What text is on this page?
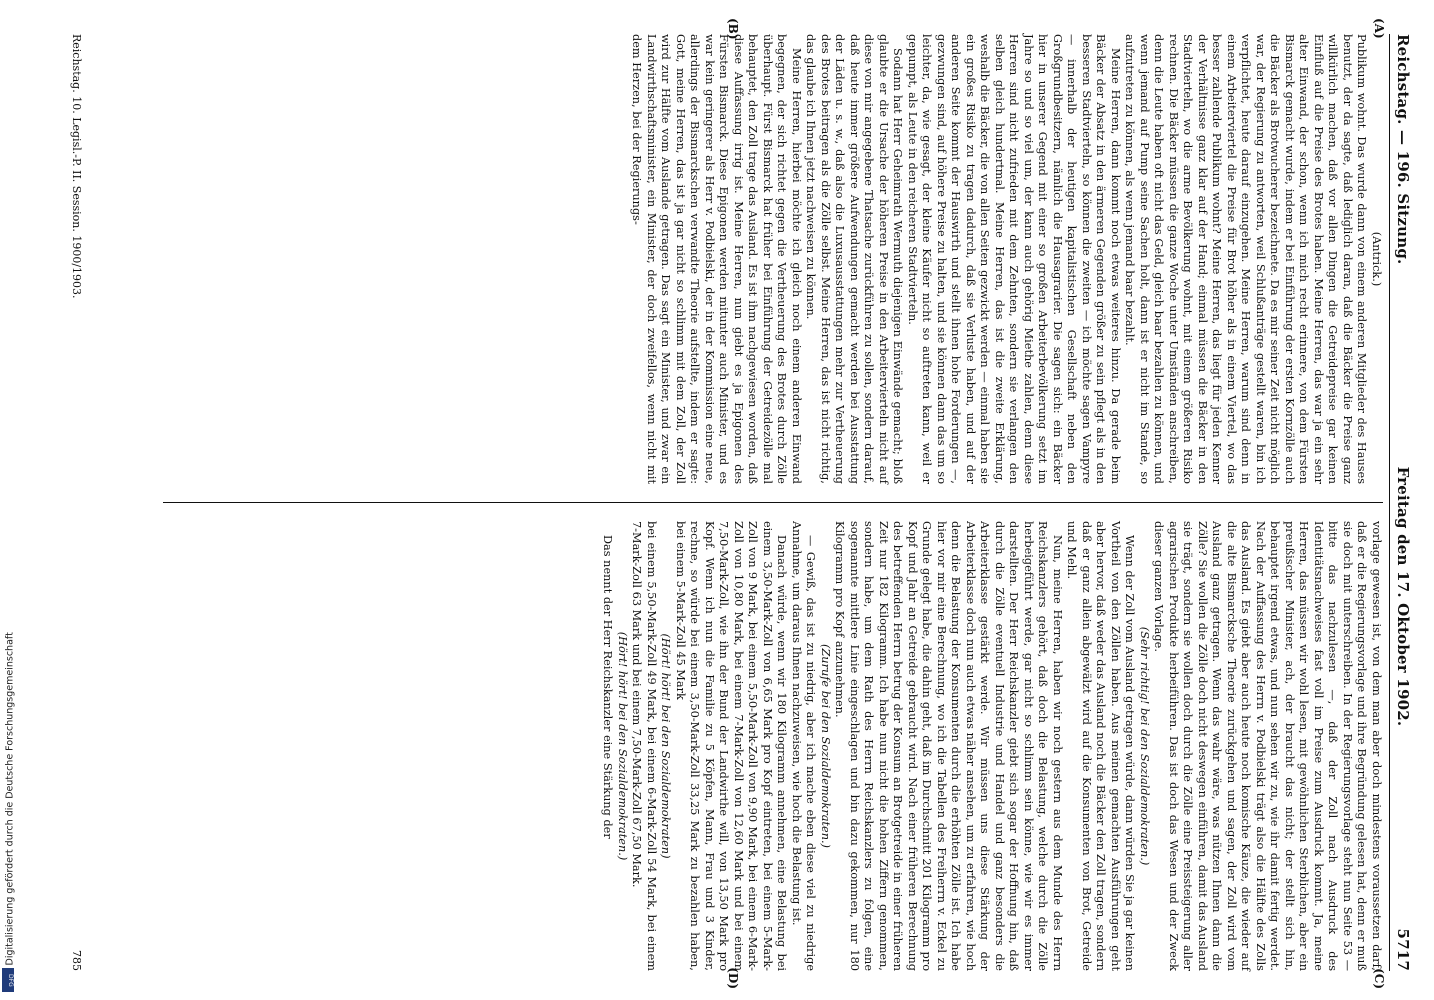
Reichstag. — 196. Sitzung.
Freitag den 17. Oktober 1902.
5717

(Antrick.)

Publikum wohnt. Das wurde dann von einem anderen Mitglieder des Hauses benutzt, der da sagte, daß lediglich daran, daß die Bäcker die Preise ganz willkürlich machen, daß vor allen Dingen die Getreidepreise gar keinen Einfluß auf die Preise des Brotes haben. Meine Herren, das war ja ein sehr alter Einwand, der schon, wenn ich mich recht erinnere, von dem Fürsten Bismarck gemacht wurde, indem er bei Einführung der ersten Kornzölle auch die Bäcker als Brotwucherer bezeichnete. Da es mir seiner Zeit nicht möglich war, der Regierung zu antworten, weil Schlußanträge gestellt waren, bin ich verpflichtet, heute darauf einzugehen. Meine Herren, warum sind denn in einem Arbeiterviertel die Preise für Brot höher als in einem Viertel, wo das besser zahlende Publikum wohnt? Meine Herren, das liegt für jeden Kenner der Verhältnisse ganz klar auf der Hand; einmal müssen die Bäcker in den Stadtvierteln, wo die arme Bevölkerung wohnt, mit einem größeren Risiko rechnen. Die Bäcker müssen die ganze Woche unter Umständen anschreiben, denn die Leute haben oft nicht das Geld, gleich baar bezahlen zu können, und wenn jemand auf Pump seine Sachen holt, dann ist er nicht im Stande, so aufzutreten zu können, als wenn jemand baar bezahlt.

Meine Herren, dann kommt noch etwas weiteres hinzu. Da gerade beim Bäcker der Absatz in den ärmeren Gegenden größer zu sein pflegt als in den besseren Stadtvierteln, so können die zweiten — ich möchte sagen Vampyre — innerhalb der heutigen kapitalistischen Gesellschaft neben den Großgrundbesitzern, nämlich die Hausagrarier. Die sagen sich: ein Bäcker hier in unserer Gegend mit einer so großen Arbeiterbevölkerung setzt im Jahre so und so viel um, der kann auch gehörig Miethe zahlen, denn diese Herren sind nicht zufrieden mit dem Zehnten, sondern sie verlangen den selben gleich hundertmal. Meine Herren, das ist die zweite Erklärung, weshalb die Bäcker, die von allen Seiten gezwickt werden — einmal haben sie ein großes Risiko zu tragen dadurch, daß sie Verluste haben, und auf der anderen Seite kommt der Hauswirth und stellt ihnen hohe Forderungen —, gezwungen sind, auf höhere Preise zu halten, und sie können dann das um so leichter, da, wie gesagt, der kleine Käufer nicht so auftreten kann, weil er gepumpt, als Leute in den reicheren Stadtvierteln.

Sodann hat Herr Geheimrath Wermuth diejenigen Einwände gemacht; bloß glaubte er die Ursache der höheren Preise in den Arbeitervierteln nicht auf diese von mir angegebene Thatsache zurückführen zu sollen, sondern darauf, daß heute immer größere Aufwendungen gemacht werden bei Ausstattung der Läden u. s. w., daß also die Luxusausstattungen mehr zur Vertheuerung des Brotes beitragen als die Zölle selbst. Meine Herren, das ist nicht richtig, das glaube ich Ihnen jetzt nachweisen zu können.

Meine Herren, hierbei möchte ich gleich noch einem anderen Einwand begegnen, der sich richtet gegen die Vertheuerung des Brotes durch Zölle überhaupt. Fürst Bismarck hat früher bei Einführung der Getreidezölle mal behauptet, den Zoll trage das Ausland. Es ist ihm nachgewiesen worden, daß diese Auffassung irrig ist. Meine Herren, nun giebt es ja Epigonen des Fürsten Bismarck. Diese Epigonen werden mitunter auch Minister, und es war kein geringerer als Herr v. Podbielski, der in der Kommission eine neue, allerdings der Bismarckschen verwandte Theorie aufstellte, indem er sagte: Gott, meine Herren, das ist ja gar nicht so schlimm mit dem Zoll, der Zoll wird zur Hälfte vom Auslande getragen. Das sagt ein Minister, und zwar ein Landwirthschaftsminister, ein Minister, der doch zweifellos, wenn nicht mit dem Herzen, bei der Regierungs-

vorlage gewesen ist, von dem man aber doch mindestens voraussetzen darf, daß er die Regierungsvorlage und ihre Begründung gelesen hat, denn er muß sie doch mit unterschreiben. In der Regierungsvorlage steht nun Seite 53 — bitte das nachzulesen —, daß der Zoll nach Ausdruck des Identitätsnachweises fast voll im Preise zum Ausdruck kommt. Ja, meine Herren, das müssen wir wohl lesen, mit gewöhnlichen Sterblichen, aber ein preußischer Minister, ach, der braucht das nicht; der stellt sich hin, behauptet irgend etwas, und nun sehen wir zu, wie ihr damit fertig werdet. Nach der Auffassung des Herrn v. Podbielski trägt also die Hälfte des Zolls das Ausland. Es giebt aber auch heute noch komische Käuze, die wieder auf die alte Bismarcksche Theorie zurückgehen und sagen, der Zoll wird vom Ausland ganz getragen. Wenn das wahr wäre, was nützen Ihnen dann die Zölle? Sie wollen die Zölle doch nicht deswegen einführen, damit das Ausland sie trägt, sondern sie wollen doch durch die Zölle eine Preissteigerung aller agrarischen Produkte herbeiführen. Das ist doch das Wesen und der Zweck dieser ganzen Vorlage.

(Sehr richtig! bei den Sozialdemokraten.)

Wenn der Zoll vom Ausland getragen würde, dann würden Sie ja gar keinen Vortheil von den Zöllen haben. Aus meinen gemachten Ausführungen geht aber hervor, daß weder das Ausland noch die Bäcker den Zoll tragen, sondern daß er ganz allein abgewälzt wird auf die Konsumenten von Brot, Getreide und Mehl.

Nun, meine Herren, haben wir noch gestern aus dem Munde des Herrn Reichskanzlers gehört, daß doch die Belastung, welche durch die Zölle herbeigeführt werde, gar nicht so schlimm sein könne, wie wir es immer darstellten. Der Herr Reichskanzler giebt sich sogar der Hoffnung hin, daß durch die Zölle eventuell Industrie und Handel und ganz besonders die Arbeiterklasse gestärkt werde. Wir müssen uns diese Stärkung der Arbeiterklasse doch nun auch etwas näher ansehen, um zu erfahren, wie hoch denn die Belastung der Konsumenten durch die erhöhten Zölle ist. Ich habe hier vor mir eine Berechnung, wo ich die Tabellen des Freiherrn v. Eckel zu Grunde gelegt habe, die dahin geht, daß im Durchschnitt 201 Kilogramm pro Kopf und Jahr an Getreide gebraucht wird. Nach einer früheren Berechnung des betreffenden Herrn betrug der Konsum an Brotgetreide in einer früheren Zeit nur 182 Kilogramm. Ich habe nun nicht die hohen Ziffern genommen, sondern habe, um dem Rath des Herrn Reichskanzlers zu folgen, eine sogenannte mittlere Linie eingeschlagen und bin dazu gekommen, nur 180 Kilogramm pro Kopf anzunehmen.

(Zurufe bei den Sozialdemokraten.)

— Gewiß, das ist zu niedrig, aber ich mache eben diese viel zu niedrige Annahme, um daraus Ihnen nachzuweisen, wie hoch die Belastung ist.

Danach würde, wenn wir 180 Kilogramm annehmen, eine Belastung bei einem 3,50-Mark-Zoll von 6,65 Mark pro Kopf eintreten, bei einem 5-Mark-Zoll von 9 Mark, bei einem 5,50-Mark-Zoll von 9,90 Mark, bei einem 6-Mark-Zoll von 10,80 Mark, bei einem 7-Mark-Zoll von 12,60 Mark und bei einem 7,50-Mark-Zoll, wie ihn der Bund der Landwirthe will, von 13,50 Mark pro Kopf. Wenn ich nun die Familie zu 5 Köpfen, Mann, Frau und 3 Kinder, rechne, so würde bei einem 3,50-Mark-Zoll 33,25 Mark zu bezahlen haben, bei einem 5-Mark-Zoll 45 Mark

(Hört! hört! bei den Sozialdemokraten)

bei einem 5,50-Mark-Zoll 49 Mark, bei einem 6-Mark-Zoll 54 Mark, bei einem 7-Mark-Zoll 63 Mark und bei einem 7,50-Mark-Zoll 67,50 Mark.

(Hört! hört! bei den Sozialdemokraten.)

Das nennt der Herr Reichskanzler eine Stärkung der

(A)
(B)
(C)
(D)
Reichstag. 10. Legisl.-P. II. Session. 1900/1903.
785
Digitalisierung gefördert durch die Deutsche Forschungsgemeinschaft
DFG
